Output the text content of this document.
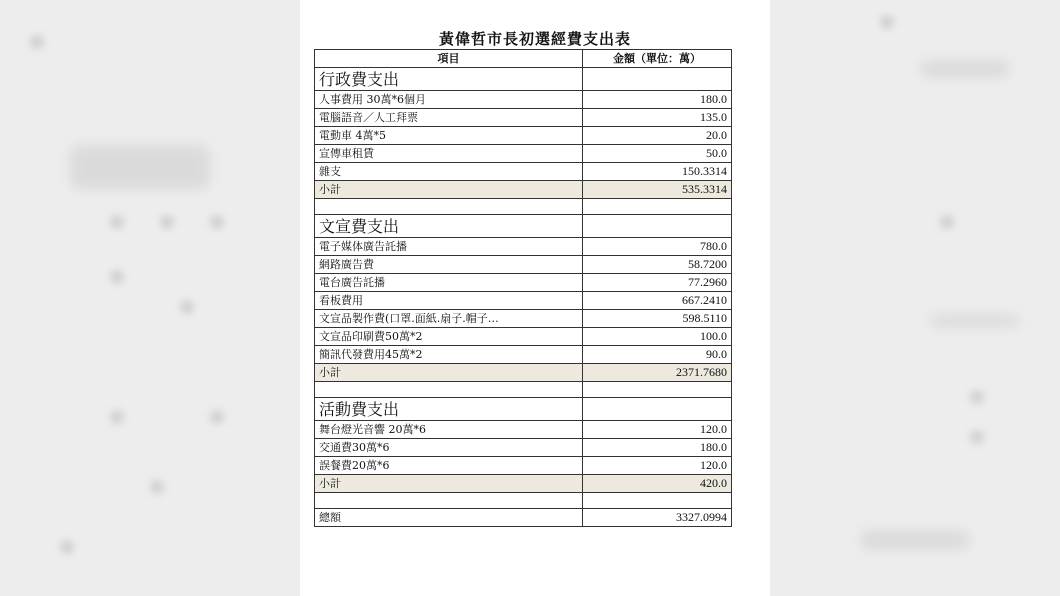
黃偉哲市長初選經費支出表
項目	金額（單位：萬）
行政費支出	
人事費用 30萬*6個月	180.0
電腦語音／人工拜票	135.0
電動車 4萬*5	20.0
宣傳車租賃	50.0
雜支	150.3314
小計	535.3314

文宣費支出	
電子媒体廣告託播	780.0
網路廣告費	58.7200
電台廣告託播	77.2960
看板費用	667.2410
文宣品製作費(口罩.面紙.扇子.帽子…	598.5110
文宣品印刷費50萬*2	100.0
簡訊代發費用45萬*2	90.0
小計	2371.7680

活動費支出	
舞台燈光音響 20萬*6	120.0
交通費30萬*6	180.0
誤餐費20萬*6	120.0
小計	420.0

總額	3327.0994
